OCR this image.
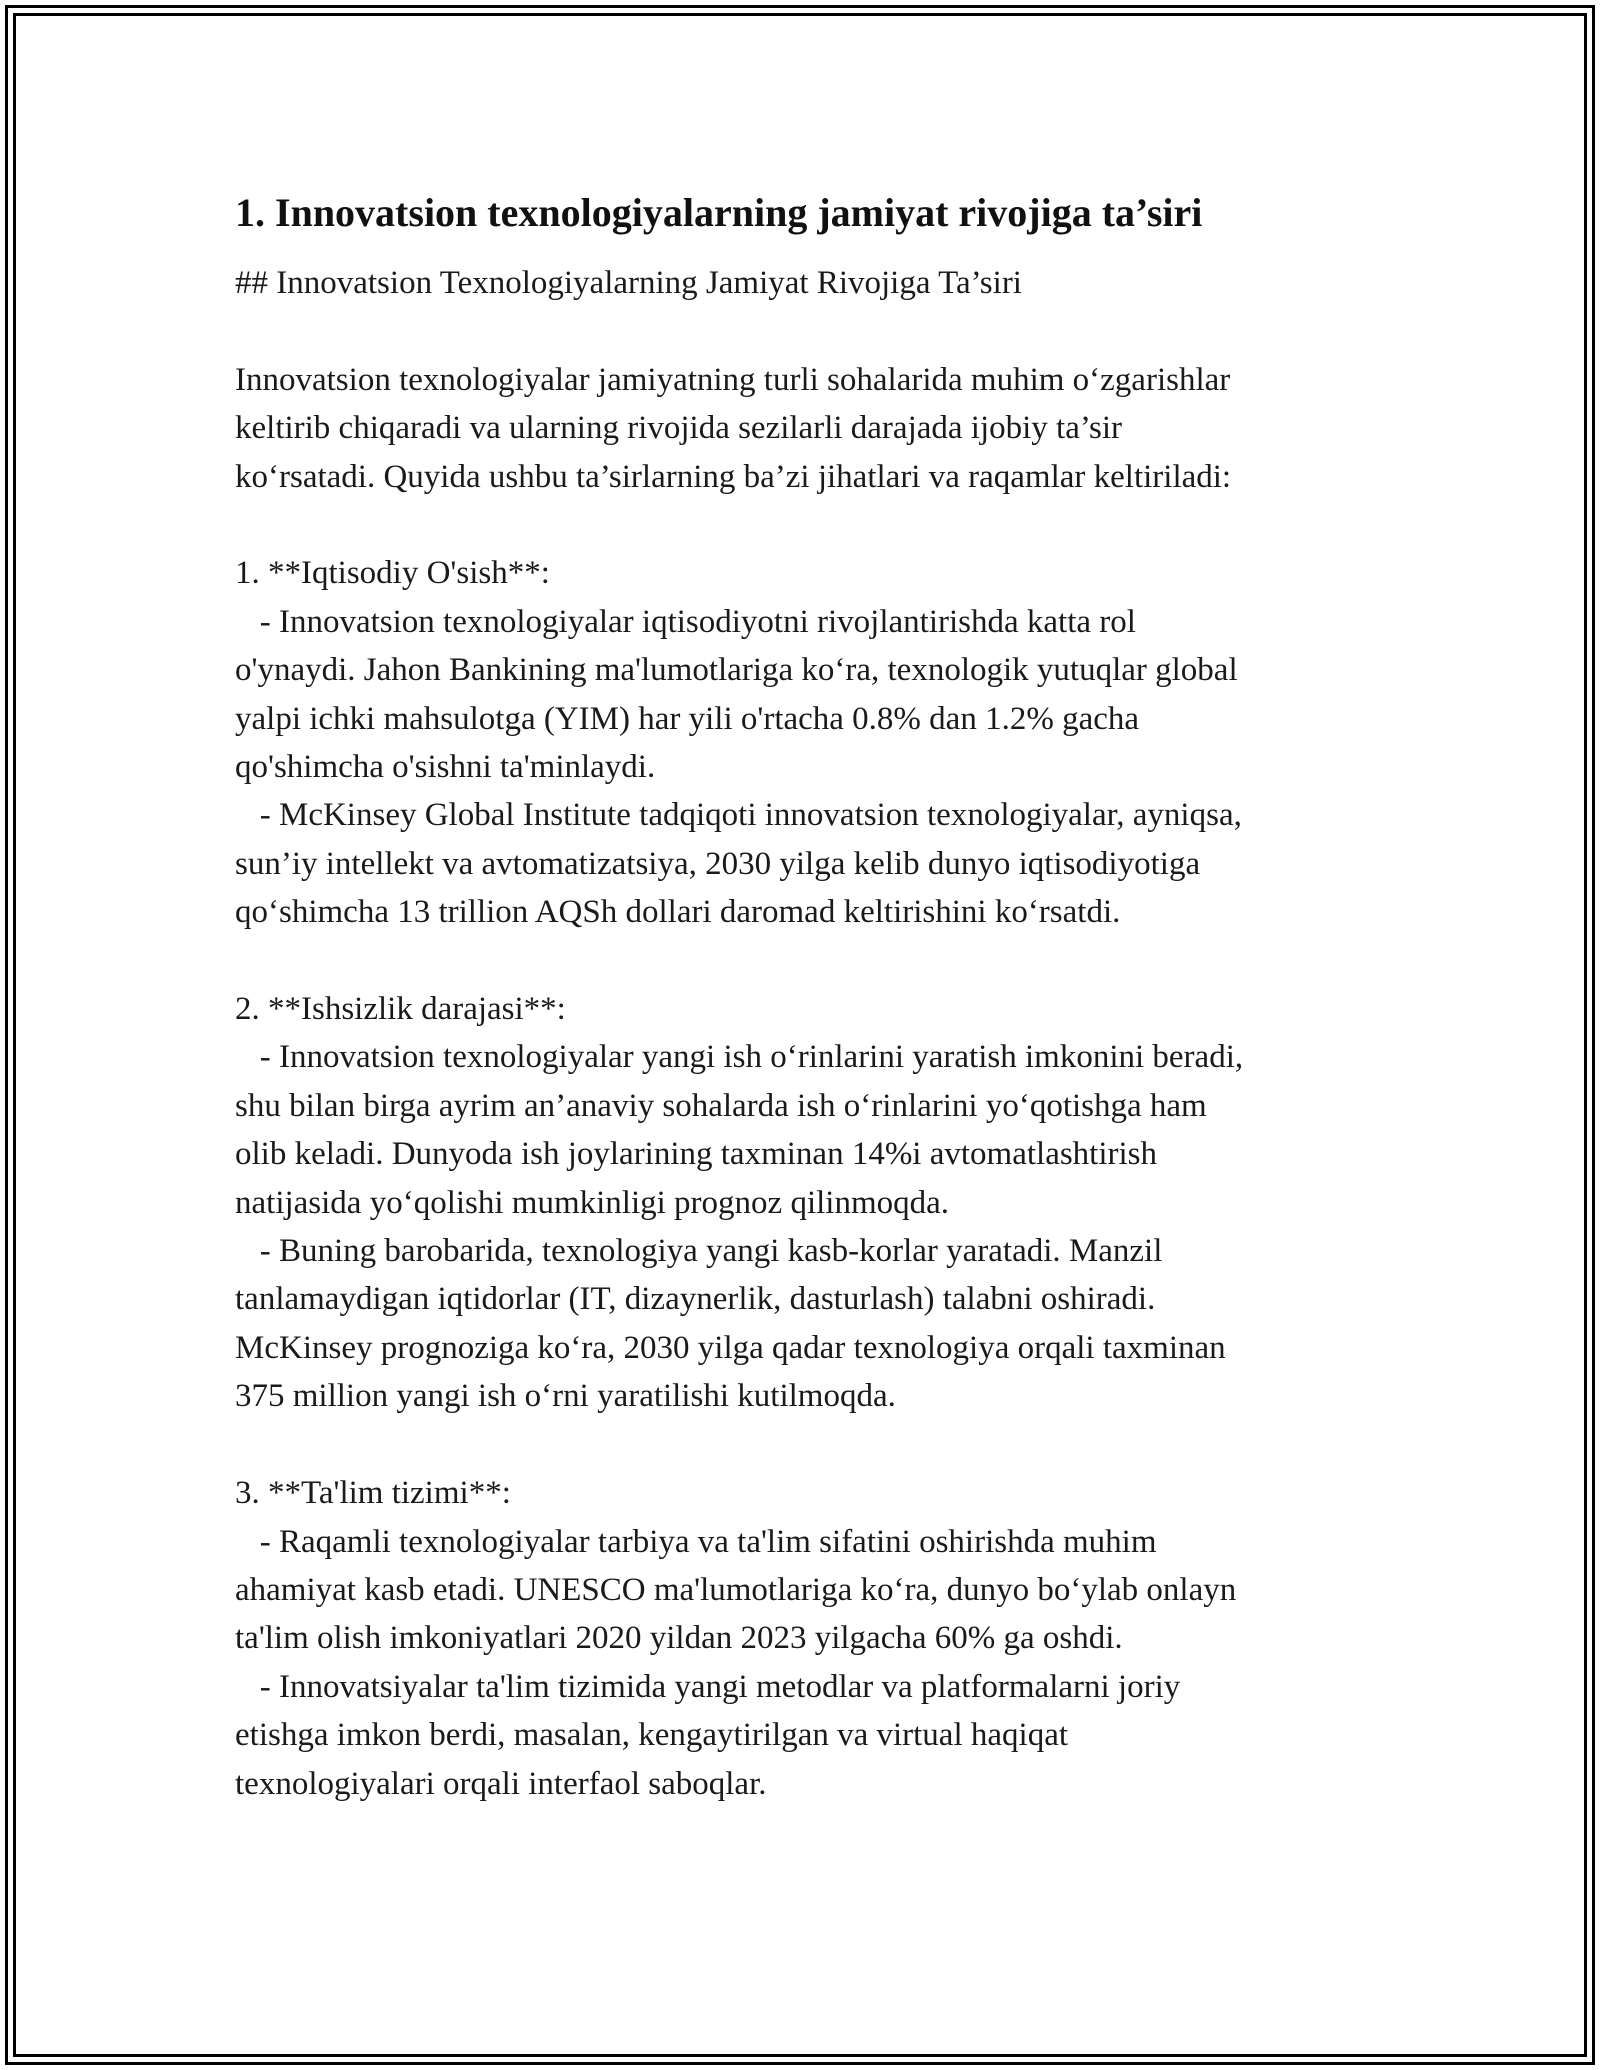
1. Innovatsion texnologiyalarning jamiyat rivojiga ta’siri

## Innovatsion Texnologiyalarning Jamiyat Rivojiga Ta’siri

Innovatsion texnologiyalar jamiyatning turli sohalarida muhim o‘zgarishlar

keltirib chiqaradi va ularning rivojida sezilarli darajada ijobiy ta’sir

ko‘rsatadi. Quyida ushbu ta’sirlarning ba’zi jihatlari va raqamlar keltiriladi:

1. **Iqtisodiy O'sish**:

- Innovatsion texnologiyalar iqtisodiyotni rivojlantirishda katta rol

o'ynaydi. Jahon Bankining ma'lumotlariga ko‘ra, texnologik yutuqlar global

yalpi ichki mahsulotga (YIM) har yili o'rtacha 0.8% dan 1.2% gacha

qo'shimcha o'sishni ta'minlaydi.

- McKinsey Global Institute tadqiqoti innovatsion texnologiyalar, ayniqsa,

sun’iy intellekt va avtomatizatsiya, 2030 yilga kelib dunyo iqtisodiyotiga

qo‘shimcha 13 trillion AQSh dollari daromad keltirishini ko‘rsatdi.

2. **Ishsizlik darajasi**:

- Innovatsion texnologiyalar yangi ish o‘rinlarini yaratish imkonini beradi,

shu bilan birga ayrim an’anaviy sohalarda ish o‘rinlarini yo‘qotishga ham

olib keladi. Dunyoda ish joylarining taxminan 14%i avtomatlashtirish

natijasida yo‘qolishi mumkinligi prognoz qilinmoqda.

- Buning barobarida, texnologiya yangi kasb-korlar yaratadi. Manzil

tanlamaydigan iqtidorlar (IT, dizaynerlik, dasturlash) talabni oshiradi.

McKinsey prognoziga ko‘ra, 2030 yilga qadar texnologiya orqali taxminan

375 million yangi ish o‘rni yaratilishi kutilmoqda.

3. **Ta'lim tizimi**:

- Raqamli texnologiyalar tarbiya va ta'lim sifatini oshirishda muhim

ahamiyat kasb etadi. UNESCO ma'lumotlariga ko‘ra, dunyo bo‘ylab onlayn

ta'lim olish imkoniyatlari 2020 yildan 2023 yilgacha 60% ga oshdi.

- Innovatsiyalar ta'lim tizimida yangi metodlar va platformalarni joriy

etishga imkon berdi, masalan, kengaytirilgan va virtual haqiqat

texnologiyalari orqali interfaol saboqlar.
